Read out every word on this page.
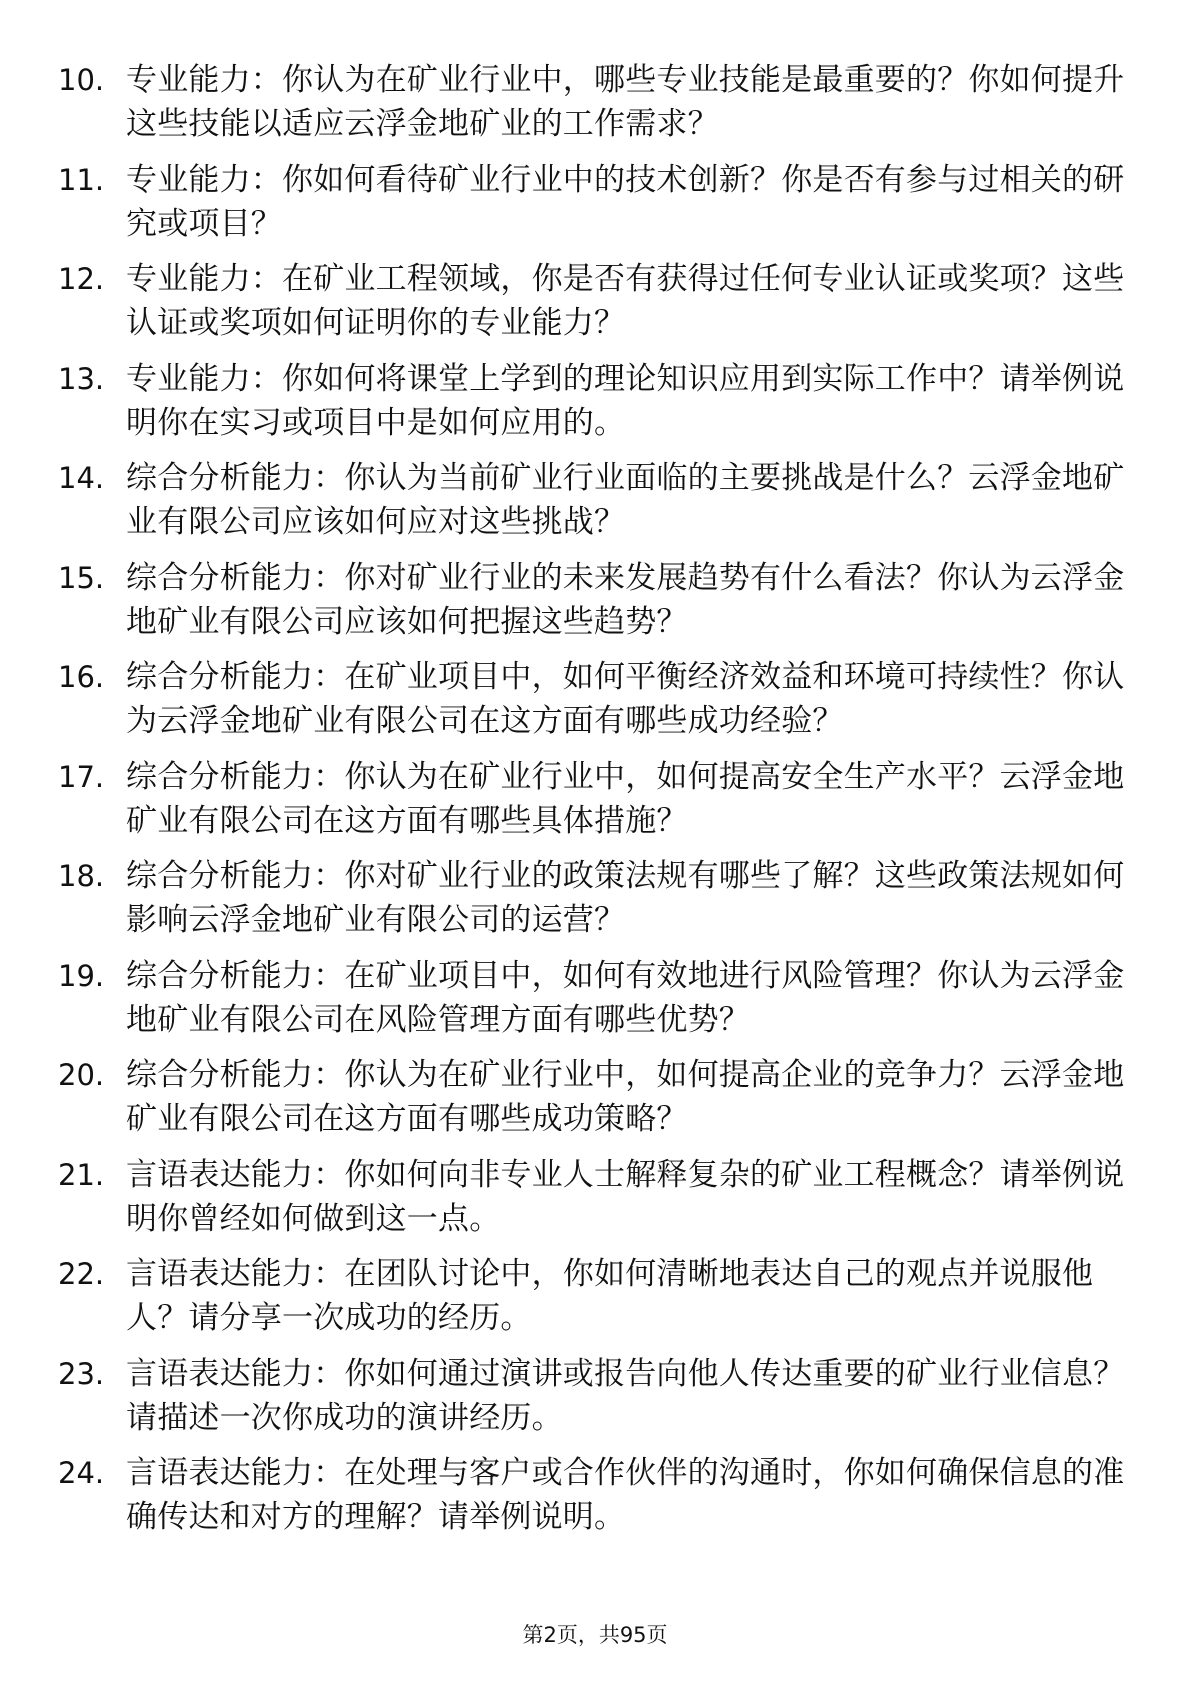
10. 专业能力：你认为在矿业行业中，哪些专业技能是最重要的？你如何提升这些技能以适应云浮金地矿业的工作需求？
11. 专业能力：你如何看待矿业行业中的技术创新？你是否有参与过相关的研究或项目？
12. 专业能力：在矿业工程领域，你是否有获得过任何专业认证或奖项？这些认证或奖项如何证明你的专业能力？
13. 专业能力：你如何将课堂上学到的理论知识应用到实际工作中？请举例说明你在实习或项目中是如何应用的。
14. 综合分析能力：你认为当前矿业行业面临的主要挑战是什么？云浮金地矿业有限公司应该如何应对这些挑战？
15. 综合分析能力：你对矿业行业的未来发展趋势有什么看法？你认为云浮金地矿业有限公司应该如何把握这些趋势？
16. 综合分析能力：在矿业项目中，如何平衡经济效益和环境可持续性？你认为云浮金地矿业有限公司在这方面有哪些成功经验？
17. 综合分析能力：你认为在矿业行业中，如何提高安全生产水平？云浮金地矿业有限公司在这方面有哪些具体措施？
18. 综合分析能力：你对矿业行业的政策法规有哪些了解？这些政策法规如何影响云浮金地矿业有限公司的运营？
19. 综合分析能力：在矿业项目中，如何有效地进行风险管理？你认为云浮金地矿业有限公司在风险管理方面有哪些优势？
20. 综合分析能力：你认为在矿业行业中，如何提高企业的竞争力？云浮金地矿业有限公司在这方面有哪些成功策略？
21. 言语表达能力：你如何向非专业人士解释复杂的矿业工程概念？请举例说明你曾经如何做到这一点。
22. 言语表达能力：在团队讨论中，你如何清晰地表达自己的观点并说服他人？请分享一次成功的经历。
23. 言语表达能力：你如何通过演讲或报告向他人传达重要的矿业行业信息？请描述一次你成功的演讲经历。
24. 言语表达能力：在处理与客户或合作伙伴的沟通时，你如何确保信息的准确传达和对方的理解？请举例说明。
第2页，共95页
